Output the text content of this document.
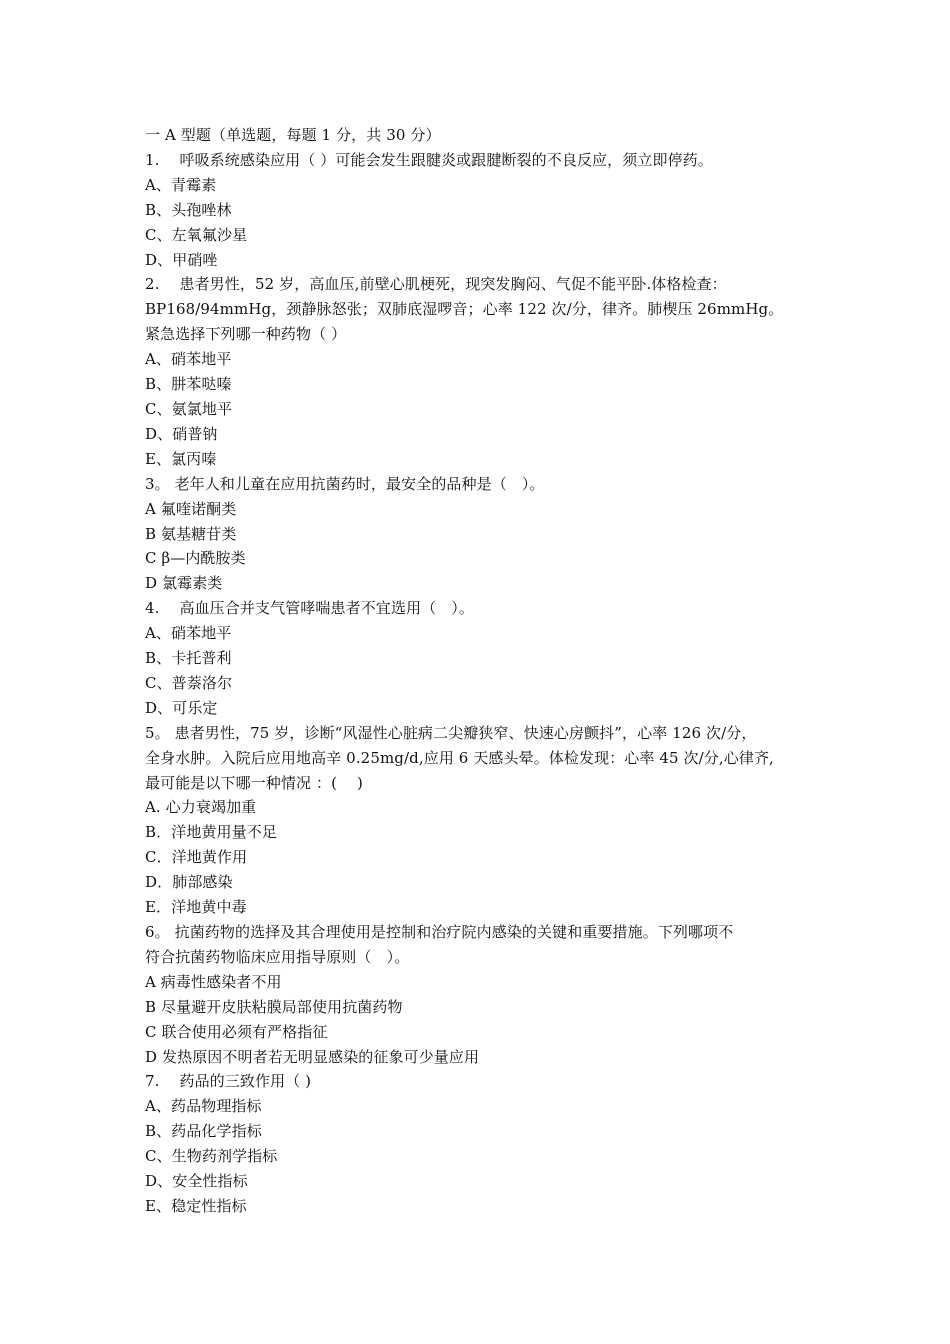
一 A 型题（单选题，每题 1 分，共 30 分）
1.　 呼吸系统感染应用（ ）可能会发生跟腱炎或跟腱断裂的不良反应，须立即停药。
A、青霉素
B、头孢唑林
C、左氧氟沙星
D、甲硝唑
2.　 患者男性，52 岁，高血压,前壁心肌梗死，现突发胸闷、气促不能平卧.体格检查：
BP168/94mmHg，颈静脉怒张；双肺底湿啰音；心率 122 次/分，律齐。肺楔压 26mmHg。
紧急选择下列哪一种药物（ ）
A、硝苯地平
B、肼苯哒嗪
C、氨氯地平
D、硝普钠
E、氯丙嗪
3。 老年人和儿童在应用抗菌药时，最安全的品种是（　）。
A 氟喹诺酮类
B 氨基糖苷类
C β—内酰胺类
D 氯霉素类
4.　 高血压合并支气管哮喘患者不宜选用（　）。
A、硝苯地平
B、卡托普利
C、普萘洛尔
D、可乐定
5。 患者男性，75 岁，诊断“风湿性心脏病二尖瓣狭窄、快速心房颤抖”，心率 126 次/分，
全身水肿。入院后应用地高辛 0.25mg/d,应用 6 天感头晕。体检发现：心率 45 次/分,心律齐,
最可能是以下哪一种情况 ：(　 )
A. 心力衰竭加重
B．洋地黄用量不足
C．洋地黄作用
D．肺部感染
E．洋地黄中毒
6。 抗菌药物的选择及其合理使用是控制和治疗院内感染的关键和重要措施。下列哪项不
符合抗菌药物临床应用指导原则（　）。
A 病毒性感染者不用
B 尽量避开皮肤粘膜局部使用抗菌药物
C 联合使用必须有严格指征
D 发热原因不明者若无明显感染的征象可少量应用
7.　 药品的三致作用（ )
A、药品物理指标
B、药品化学指标
C、生物药剂学指标
D、安全性指标
E、稳定性指标
